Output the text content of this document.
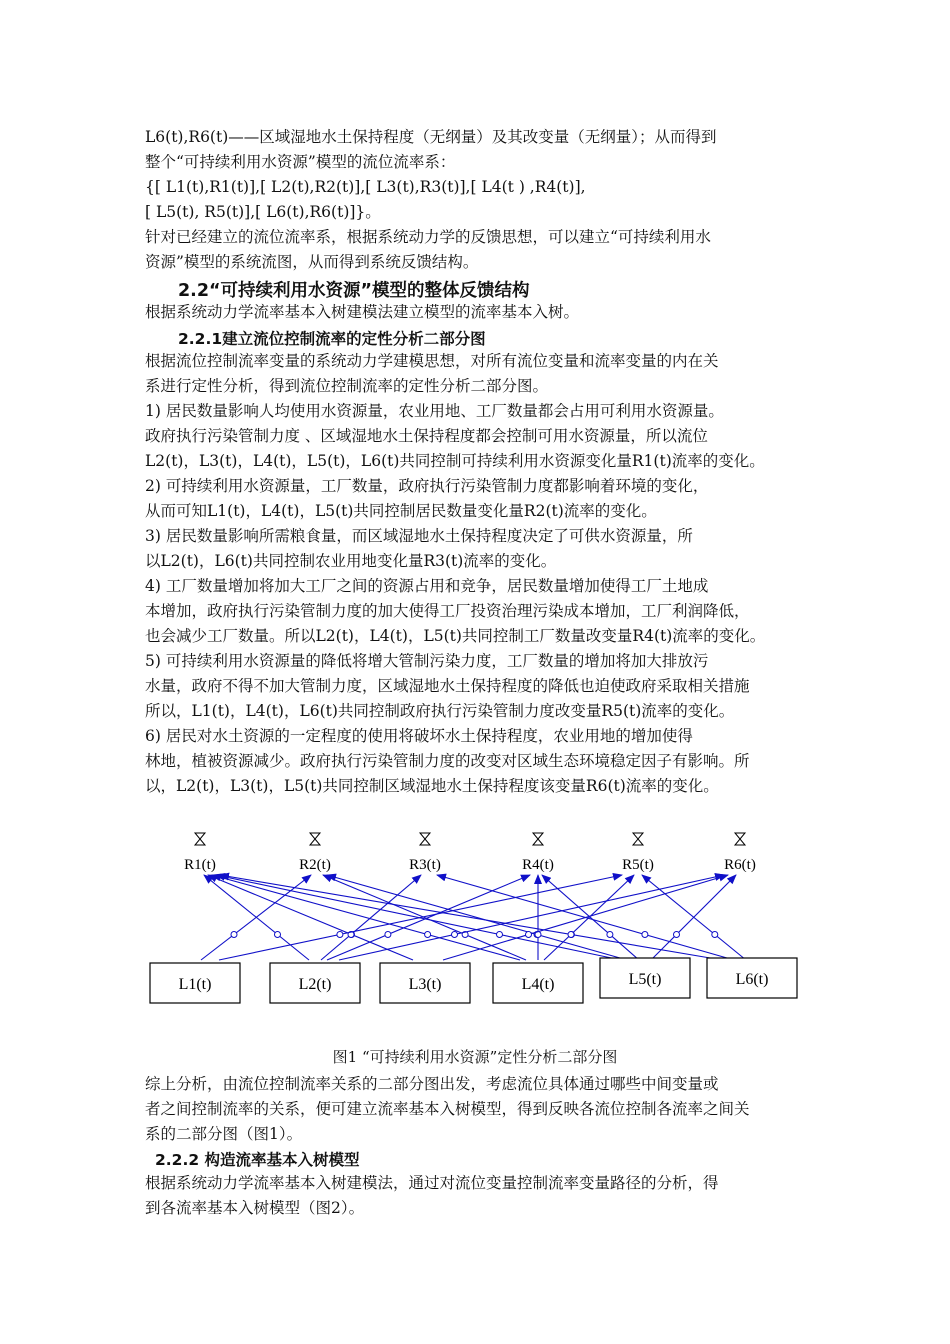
L6(t),R6(t)——区域湿地水土保持程度（无纲量）及其改变量（无纲量）；从而得到
整个“可持续利用水资源”模型的流位流率系：
{[ L1(t),R1(t)],[ L2(t),R2(t)],[ L3(t),R3(t)],[ L4(t ) ,R4(t)],
[ L5(t), R5(t)],[ L6(t),R6(t)]}。
针对已经建立的流位流率系，根据系统动力学的反馈思想，可以建立“可持续利用水
资源”模型的系统流图，从而得到系统反馈结构。
2.2“可持续利用水资源”模型的整体反馈结构
根据系统动力学流率基本入树建模法建立模型的流率基本入树。
2.2.1建立流位控制流率的定性分析二部分图
根据流位控制流率变量的系统动力学建模思想，对所有流位变量和流率变量的内在关
系进行定性分析，得到流位控制流率的定性分析二部分图。
1) 居民数量影响人均使用水资源量，农业用地、工厂数量都会占用可利用水资源量。
政府执行污染管制力度 、区域湿地水土保持程度都会控制可用水资源量，所以流位
L2(t)，L3(t)，L4(t)，L5(t)，L6(t)共同控制可持续利用水资源变化量R1(t)流率的变化。
2) 可持续利用水资源量，工厂数量，政府执行污染管制力度都影响着环境的变化，
从而可知L1(t)，L4(t)，L5(t)共同控制居民数量变化量R2(t)流率的变化。
3) 居民数量影响所需粮食量，而区域湿地水土保持程度决定了可供水资源量，所
以L2(t)，L6(t)共同控制农业用地变化量R3(t)流率的变化。
4) 工厂数量增加将加大工厂之间的资源占用和竞争，居民数量增加使得工厂土地成
本增加，政府执行污染管制力度的加大使得工厂投资治理污染成本增加，工厂利润降低，
也会减少工厂数量。所以L2(t)，L4(t)，L5(t)共同控制工厂数量改变量R4(t)流率的变化。
5) 可持续利用水资源量的降低将增大管制污染力度，工厂数量的增加将加大排放污
水量，政府不得不加大管制力度，区域湿地水土保持程度的降低也迫使政府采取相关措施
所以，L1(t)，L4(t)，L6(t)共同控制政府执行污染管制力度改变量R5(t)流率的变化。
6) 居民对水土资源的一定程度的使用将破坏水土保持程度，农业用地的增加使得
林地，植被资源减少。政府执行污染管制力度的改变对区域生态环境稳定因子有影响。所
以，L2(t)，L3(t)，L5(t)共同控制区域湿地水土保持程度该变量R6(t)流率的变化。
R1(t)	R2(t)	R3(t)	R4(t)	R5(t)	R6(t)
L1(t)	L2(t)	L3(t)	L4(t)	L5(t)	L6(t)
图1 “可持续利用水资源”定性分析二部分图
综上分析，由流位控制流率关系的二部分图出发，考虑流位具体通过哪些中间变量或
者之间控制流率的关系，便可建立流率基本入树模型，得到反映各流位控制各流率之间关
系的二部分图（图1）。
2.2.2 构造流率基本入树模型
根据系统动力学流率基本入树建模法，通过对流位变量控制流率变量路径的分析，得
到各流率基本入树模型（图2）。
